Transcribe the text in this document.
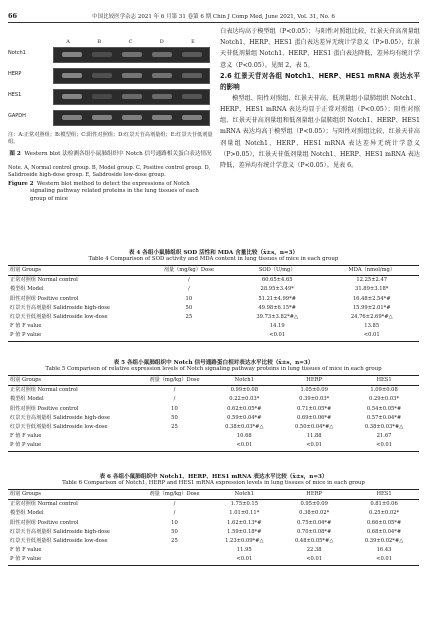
66	中国比较医学杂志 2021 年 6 月第 31 卷第 6 期 Chin J Comp Med, June 2021, Vol. 31, No. 6
A	B	C	D	E
Notch1
HERP
HES1
GAPDH
注：A:正常对照组；B:模型组；C:阳性对照组；D:红景天苷高剂量组；E:红景天苷低剂量组。
图 2 Western blot 法检测各组小鼠肺组织中 Notch 信号通路相关蛋白表达情况
Note. A, Normal control group. B, Model group. C, Positive control group. D, Salidroside high-dose group. E, Salidroside low-dose group.
Figure 2 Western blot method to detect the expressions of Notch signaling pathway related proteins in the lung tissues of each group of mice

白表达均高于模型组（P<0.05）；与阳性对照组比较，红景天苷高剂量组 Notch1、HERP、HES1 蛋白表达差异无统计学意义（P>0.05），红景天苷低剂量组 Notch1、HERP、HES1 蛋白表达降低，差异均有统计学意义（P<0.05）。见图 2，表 5。

2.6 红景天苷对各组 Notch1、HERP、HES1 mRNA 表达水平的影响

模型组、阳性对照组、红景天苷高、低剂量组小鼠肺组织 Notch1、HERP、HES1 mRNA 表达均显于正常对照组（P<0.05）；阳性对照组、红景天苷高剂量组和低剂量组小鼠肺组织 Notch1、HERP、HES1 mRNA 表达均高于模型组（P<0.05）；与阳性对照组比较，红景天苷高剂量组 Notch1、HERP、HES1 mRNA 表达差异无统计学意义（P>0.05），红景天苷低剂量组 Notch1、HERP、HES1 mRNA 表达降低，差异均有统计学意义（P<0.05）。见表 6。

表 4 各组小鼠肺组织 SOD 活性和 MDA 含量比较（x̄±s，n=3）
Table 4 Comparison of SOD activity and MDA content in lung tissues of mice in each group
组别 Groups	剂量（mg/kg）Dose	SOD（U/mg）	MDA（nmol/mg）
正常对照组 Normal control	/	60.65±4.65	12.25±2.47
模型组 Model	/	28.95±3.49*	31.89±3.18*
阳性对照组 Positive control	10	51.21±4.99*#	16.48±2.54*#
红景天苷高剂量组 Salidroside high-dose	50	49.98±6.15*#	15.99±2.01*#
红景天苷低剂量组 Salidroside low-dose	25	39.73±3.82*#△	24.76±2.69*#△
F 值 F value		14.19	13.85
P 值 P value		<0.01	<0.01
表 5 各组小鼠肺组织中 Notch 信号通路蛋白相对表达水平比较（x̄±s，n=3）
Table 5 Comparison of relative expression levels of Notch signaling pathway proteins in lung tissues of mice in each group
组别 Groups	剂量（mg/kg）Dose	Notch1	HERP	HES1
正常对照组 Normal control	/	0.99±0.08	1.05±0.09	1.09±0.08
模型组 Model	/	0.22±0.03*	0.39±0.03*	0.29±0.03*
阳性对照组 Positive control	10	0.62±0.05*#	0.71±0.05*#	0.54±0.05*#
红景天苷高剂量组 Salidroside high-dose	50	0.59±0.04*#	0.69±0.06*#	0.57±0.04*#
红景天苷低剂量组 Salidroside low-dose	25	0.38±0.03*#△	0.50±0.04*#△	0.38±0.03*#△
F 值 F value		10.68	11.88	21.67
P 值 P value		<0.01	<0.01	<0.01
表 6 各组小鼠肺组织中 Notch1、HERP、HES1 mRNA 表达水平比较（x̄±s，n=3）
Table 6 Comparison of Notch1, HERP and HES1 mRNA expression levels in lung tissues of mice in each group
组别 Groups	剂量（mg/kg）Dose	Notch1	HERP	HES1
正常对照组 Normal control	/	1.75±0.15	0.95±0.09	0.81±0.06
模型组 Model	/	1.01±0.11*	0.38±0.02*	0.25±0.02*
阳性对照组 Positive control	10	1.62±0.13*#	0.75±0.04*#	0.66±0.05*#
红景天苷高剂量组 Salidroside high-dose	50	1.59±0.18*#	0.70±0.08*#	0.68±0.04*#
红景天苷低剂量组 Salidroside low-dose	25	1.23±0.09*#△	0.48±0.05*#△	0.39±0.02*#△
F 值 F value		11.95	22.38	16.43
P 值 P value		<0.01	<0.01	<0.01
